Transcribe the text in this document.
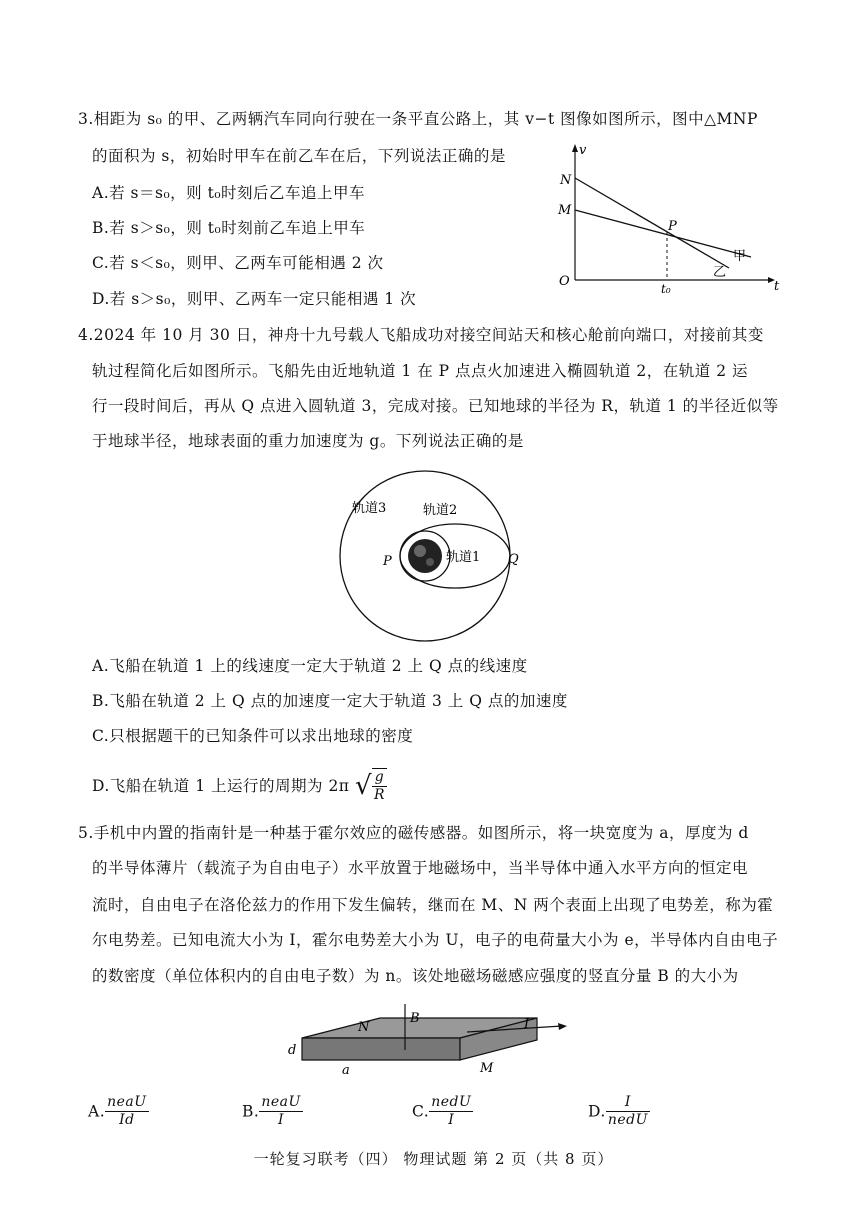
3.相距为 s₀ 的甲、乙两辆汽车同向行驶在一条平直公路上，其 v−t 图像如图所示，图中△MNP
的面积为 s，初始时甲车在前乙车在后，下列说法正确的是
A.若 s＝s₀，则 t₀时刻后乙车追上甲车
B.若 s＞s₀，则 t₀时刻前乙车追上甲车
C.若 s＜s₀，则甲、乙两车可能相遇 2 次
D.若 s＞s₀，则甲、乙两车一定只能相遇 1 次
v
t
O
N
M
P
t₀
甲
乙
4.2024 年 10 月 30 日，神舟十九号载人飞船成功对接空间站天和核心舱前向端口，对接前其变
轨过程简化后如图所示。飞船先由近地轨道 1 在 P 点点火加速进入椭圆轨道 2，在轨道 2 运
行一段时间后，再从 Q 点进入圆轨道 3，完成对接。已知地球的半径为 R，轨道 1 的半径近似等
于地球半径，地球表面的重力加速度为 g。下列说法正确的是
轨道3	轨道2
轨道1
P	Q
A.飞船在轨道 1 上的线速度一定大于轨道 2 上 Q 点的线速度
B.飞船在轨道 2 上 Q 点的加速度一定大于轨道 3 上 Q 点的加速度
C.只根据题干的已知条件可以求出地球的密度
D.飞船在轨道 1 上运行的周期为 2π √ $\frac{g}{R}$
5.手机中内置的指南针是一种基于霍尔效应的磁传感器。如图所示，将一块宽度为 a，厚度为 d
的半导体薄片（载流子为自由电子）水平放置于地磁场中，当半导体中通入水平方向的恒定电
流时，自由电子在洛伦兹力的作用下发生偏转，继而在 M、N 两个表面上出现了电势差，称为霍
尔电势差。已知电流大小为 I，霍尔电势差大小为 U，电子的电荷量大小为 e，半导体内自由电子
的数密度（单位体积内的自由电子数）为 n。该处地磁场磁感应强度的竖直分量 B 的大小为
N
B	I
d
a	M
A. $\frac{\text{neaU}}{Id}$	B. $\frac{\text{neaU}}{I}$	C. $\frac{\text{nedU}}{I}$	D. $\frac{I}{\text{nedU}}$
一轮复习联考（四） 物理试题 第 2 页（共 8 页）
